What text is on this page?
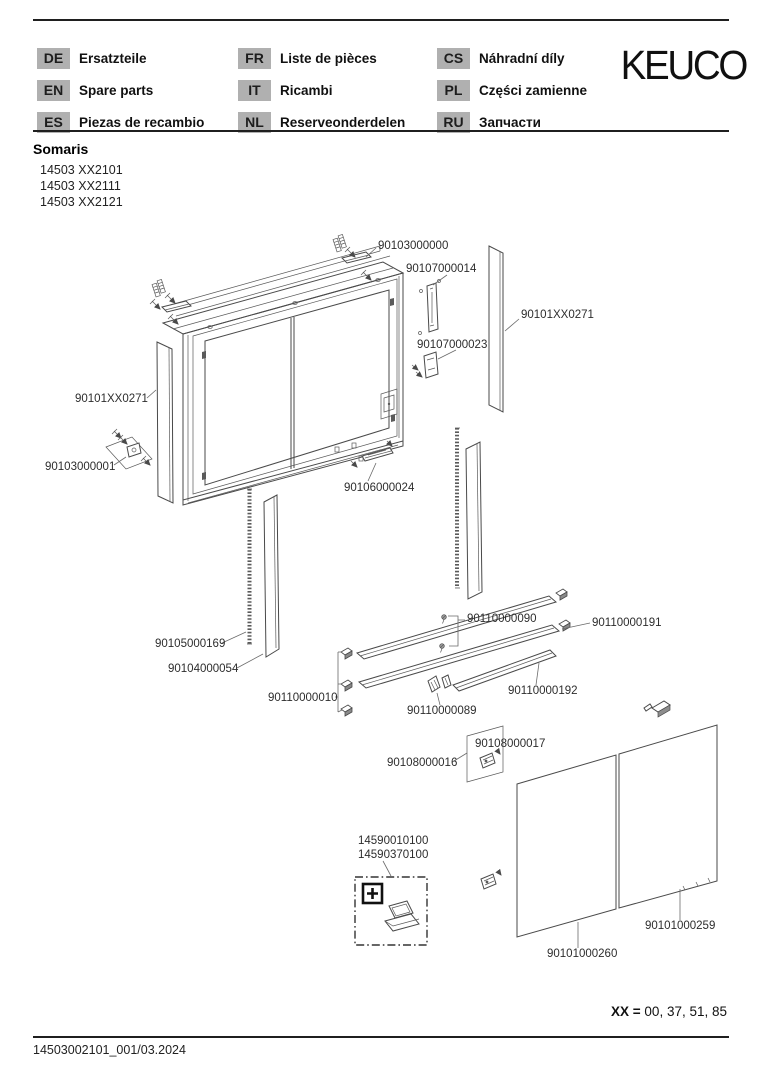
DE	Ersatzteile
EN	Spare parts
ES	Piezas de recambio
FR	Liste de pièces
IT	Ricambi
NL	Reserveonderdelen
CS	Náhradní díly
PL	Części zamienne
RU	Запчасти
KEUCO
Somaris
14503 XX2101
14503 XX2111
14503 XX2121
90103000000
90107000014
90101XX0271
90107000023
90101XX0271
90103000001
90106000024
90105000169
90104000054
90110000090	90110000191
90110000010
90110000192
90110000089
90108000017
90108000016
14590010100
14590370100
90101000259
90101000260
XX = 00, 37, 51, 85
14503002101_001/03.2024
